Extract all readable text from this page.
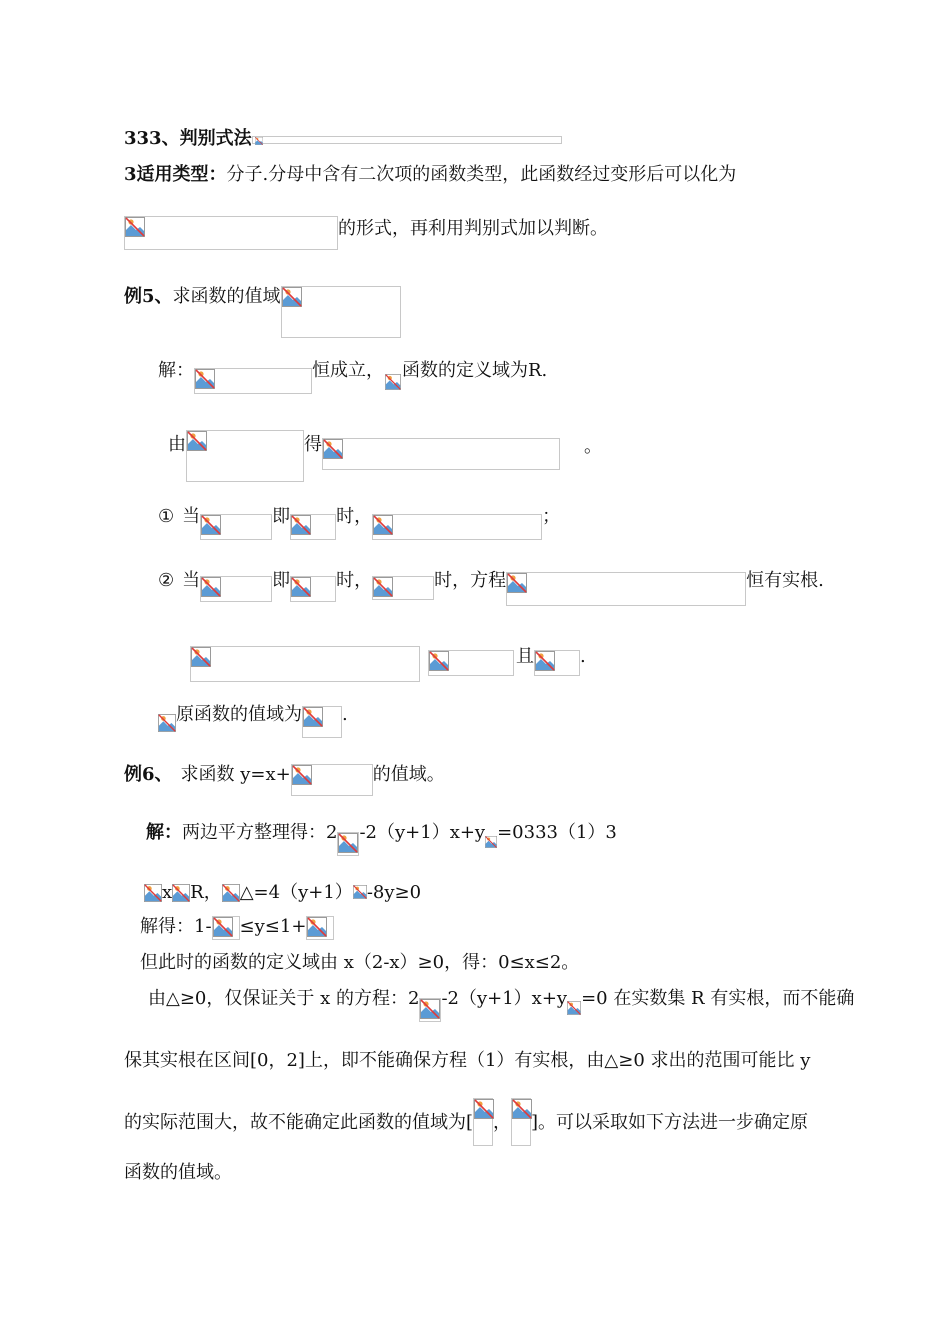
333、判别式法
3适用类型： 分子.分母中含有二次项的函数类型，此函数经过变形后可以化为
的形式，再利用判别式加以判断。
例5、 求函数的值域
解：	恒成立， 函数的定义域为R.
由	得	。
① 当	即	时，	；
② 当	即	时，	时，方程	恒有实根.
且	.
原函数的值域为 .
例6、 求函数 y=x+	的值域。
解： 两边平方整理得：2 -2（y+1）x+y =0333（1）3
x R， △=4（y+1） -8y≥0
解得：1- ≤y≤1+
但此时的函数的定义域由 x（2-x）≥0，得：0≤x≤2。
由△≥0，仅保证关于 x 的方程：2 -2（y+1）x+y =0 在实数集 R 有实根，而不能确
保其实根在区间[0，2]上，即不能确保方程（1）有实根，由△≥0 求出的范围可能比 y
的实际范围大，故不能确定此函数的值域为[ ， ]。可以采取如下方法进一步确定原
函数的值域。
